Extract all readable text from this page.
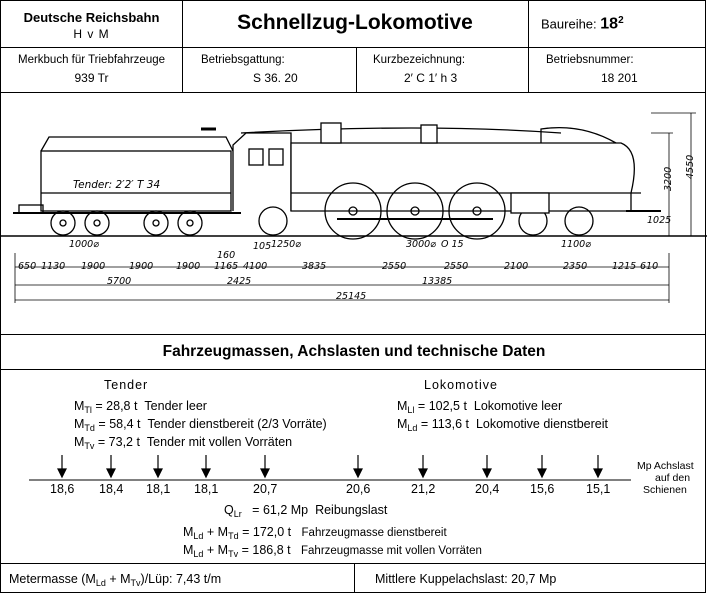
Deutsche Reichsbahn
H v M	Schnellzug-Lokomotive	Baureihe: $18^2$
Merkbuch für Triebfahrzeuge
939 Tr
Betriebsgattung:
S 36. 20
Kurzbezeichnung:
2′ C 1′ h 3
Betriebsnummer:
18 201
Tender: 2′2′ T 34
1000⌀	1250⌀	3000⌀ O 15	1100⌀
160
105
1025
650 1130 1900	1900 1900 1165 4100	3835	2550	2550	2100	2350	1215 610
5700	2425	13385
25145
3200 4550
Fahrzeugmassen, Achslasten und technische Daten
Tender
$M_{Tl} = 28,8$ t Tender leer
$M_{Td} = 58,4$ t Tender dienstbereit (2/3 Vorräte)
$M_{Tv} = 73,2$ t Tender mit vollen Vorräten
Lokomotive
$M_{Ll} = 102,5$ t Lokomotive leer
$M_{Ld} = 113,6$ t Lokomotive dienstbereit
18,6 18,4 18,1 18,1	20,7	20,6	21,2	20,4 15,6	15,1
Mp Achslast
auf den
Schienen
$Q_{Lr} = 61,2$ Mp Reibungslast
$M_{Ld} + M_{Td} = 172,0$ t Fahrzeugmasse dienstbereit
$M_{Ld} + M_{Tv} = 186,8$ t Fahrzeugmasse mit vollen Vorräten
Metermasse ($M_{Ld}$ + $M_{Tv}$)/Lüp: 7,43 t/m	Mittlere Kuppelachslast: 20,7 Mp
